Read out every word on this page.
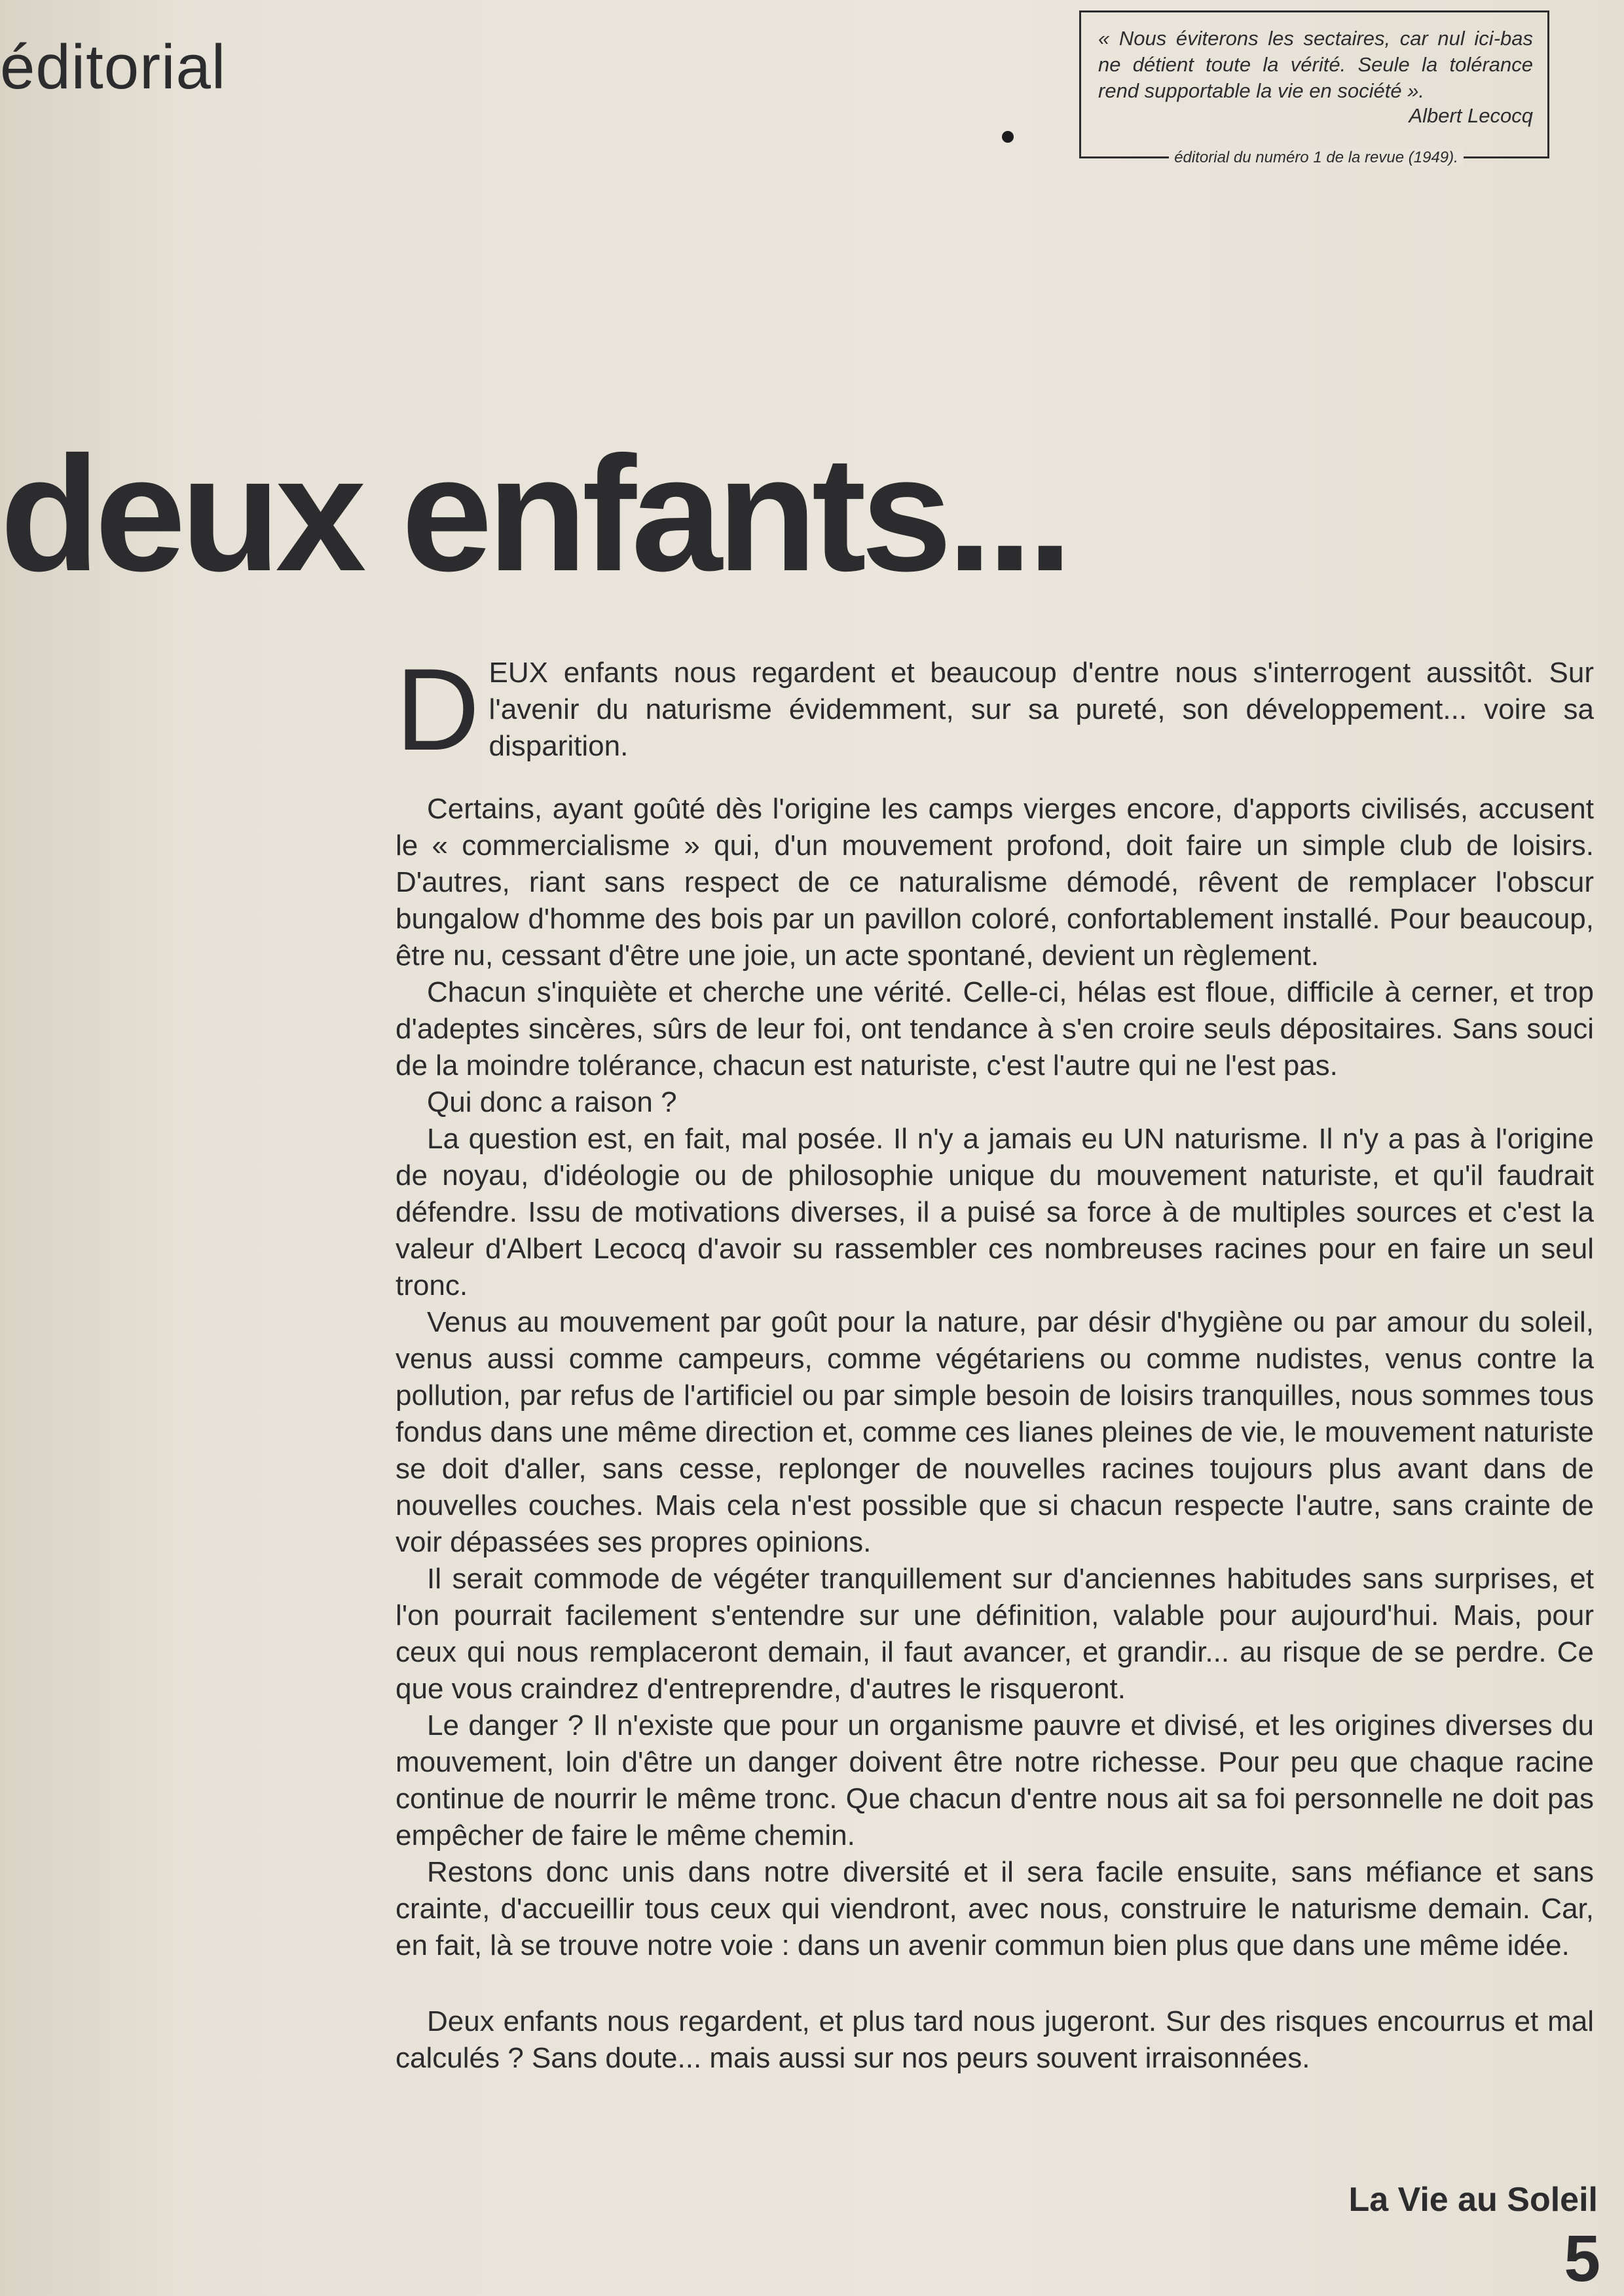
éditorial	« Nous éviterons les sectaires, car nul ici-bas ne détient toute la vérité. Seule la tolérance rend supportable la vie en société ».
Albert Lecocq
éditorial du numéro 1 de la revue (1949).
deux enfants...

DEUX enfants nous regardent et beaucoup d'entre nous s'interrogent aussitôt. Sur l'avenir du naturisme évidemment, sur sa pureté, son développement... voire sa disparition.

Certains, ayant goûté dès l'origine les camps vierges encore, d'apports civilisés, accusent le « commercialisme » qui, d'un mouvement profond, doit faire un simple club de loisirs. D'autres, riant sans respect de ce naturalisme démodé, rêvent de remplacer l'obscur bungalow d'homme des bois par un pavillon coloré, confortablement installé. Pour beaucoup, être nu, cessant d'être une joie, un acte spontané, devient un règlement.

Chacun s'inquiète et cherche une vérité. Celle-ci, hélas est floue, difficile à cerner, et trop d'adeptes sincères, sûrs de leur foi, ont tendance à s'en croire seuls dépositaires. Sans souci de la moindre tolérance, chacun est naturiste, c'est l'autre qui ne l'est pas.

Qui donc a raison ?

La question est, en fait, mal posée. Il n'y a jamais eu UN naturisme. Il n'y a pas à l'origine de noyau, d'idéologie ou de philosophie unique du mouvement naturiste, et qu'il faudrait défendre. Issu de motivations diverses, il a puisé sa force à de multiples sources et c'est la valeur d'Albert Lecocq d'avoir su rassembler ces nombreuses racines pour en faire un seul tronc.

Venus au mouvement par goût pour la nature, par désir d'hygiène ou par amour du soleil, venus aussi comme campeurs, comme végétariens ou comme nudistes, venus contre la pollution, par refus de l'artificiel ou par simple besoin de loisirs tranquilles, nous sommes tous fondus dans une même direction et, comme ces lianes pleines de vie, le mouvement naturiste se doit d'aller, sans cesse, replonger de nouvelles racines toujours plus avant dans de nouvelles couches. Mais cela n'est possible que si chacun respecte l'autre, sans crainte de voir dépassées ses propres opinions.

Il serait commode de végéter tranquillement sur d'anciennes habitudes sans surprises, et l'on pourrait facilement s'entendre sur une définition, valable pour aujourd'hui. Mais, pour ceux qui nous remplaceront demain, il faut avancer, et grandir... au risque de se perdre. Ce que vous craindrez d'entreprendre, d'autres le risqueront.

Le danger ? Il n'existe que pour un organisme pauvre et divisé, et les origines diverses du mouvement, loin d'être un danger doivent être notre richesse. Pour peu que chaque racine continue de nourrir le même tronc. Que chacun d'entre nous ait sa foi personnelle ne doit pas empêcher de faire le même chemin.

Restons donc unis dans notre diversité et il sera facile ensuite, sans méfiance et sans crainte, d'accueillir tous ceux qui viendront, avec nous, construire le naturisme demain. Car, en fait, là se trouve notre voie : dans un avenir commun bien plus que dans une même idée.

Deux enfants nous regardent, et plus tard nous jugeront. Sur des risques encourrus et mal calculés ? Sans doute... mais aussi sur nos peurs souvent irraisonnées.

La Vie au Soleil
5
